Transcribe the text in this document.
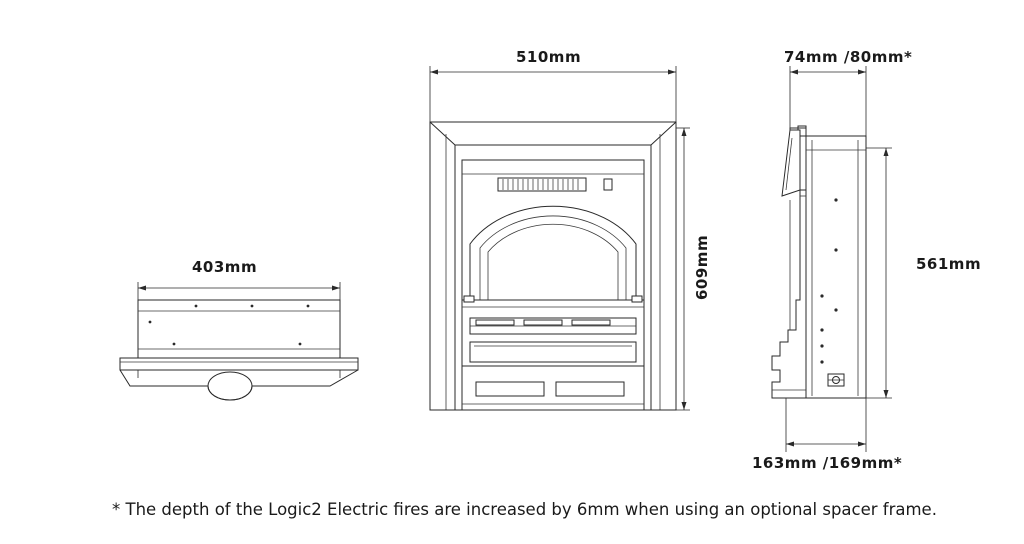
403mm
510mm
609mm
74mm /80mm*
561mm
163mm /169mm*
* The depth of the Logic2 Electric fires are increased by 6mm when using an optional spacer frame.
